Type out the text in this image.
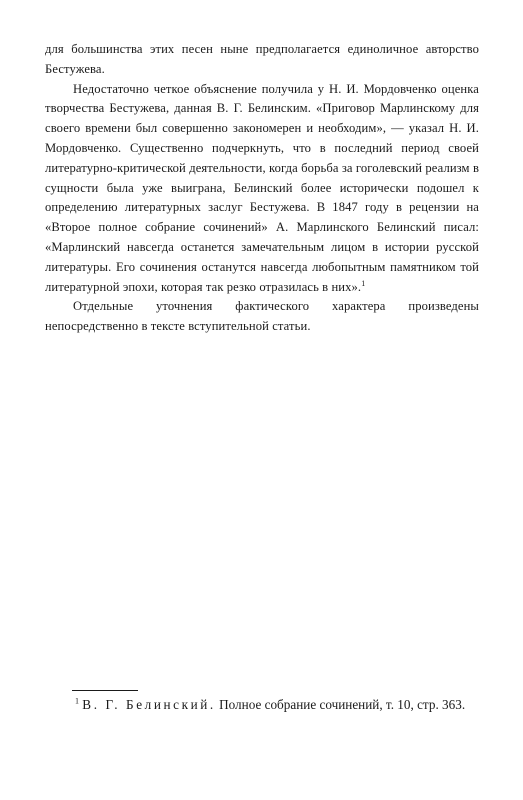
для большинства этих песен ныне предполагается единоличное авторство Бестужева.

Недостаточно четкое объяснение получила у Н. И. Мордовченко оценка творчества Бестужева, данная В. Г. Белинским. «Приговор Марлинскому для своего времени был совершенно закономерен и необходим», — указал Н. И. Мордовченко. Существенно подчеркнуть, что в последний период своей литературно-критической деятельности, когда борьба за гоголевский реализм в сущности была уже выиграна, Белинский более исторически подошел к определению литературных заслуг Бестужева. В 1847 году в рецензии на «Второе полное собрание сочинений» А. Марлинского Белинский писал: «Марлинский навсегда останется замечательным лицом в истории русской литературы. Его сочинения останутся навсегда любопытным памятником той литературной эпохи, которая так резко отразилась в них».$^1$

Отдельные уточнения фактического характера произведены непосредственно в тексте вступительной статьи.

$^1$ В. Г. Белинский. Полное собрание сочинений, т. 10, стр. 363.
